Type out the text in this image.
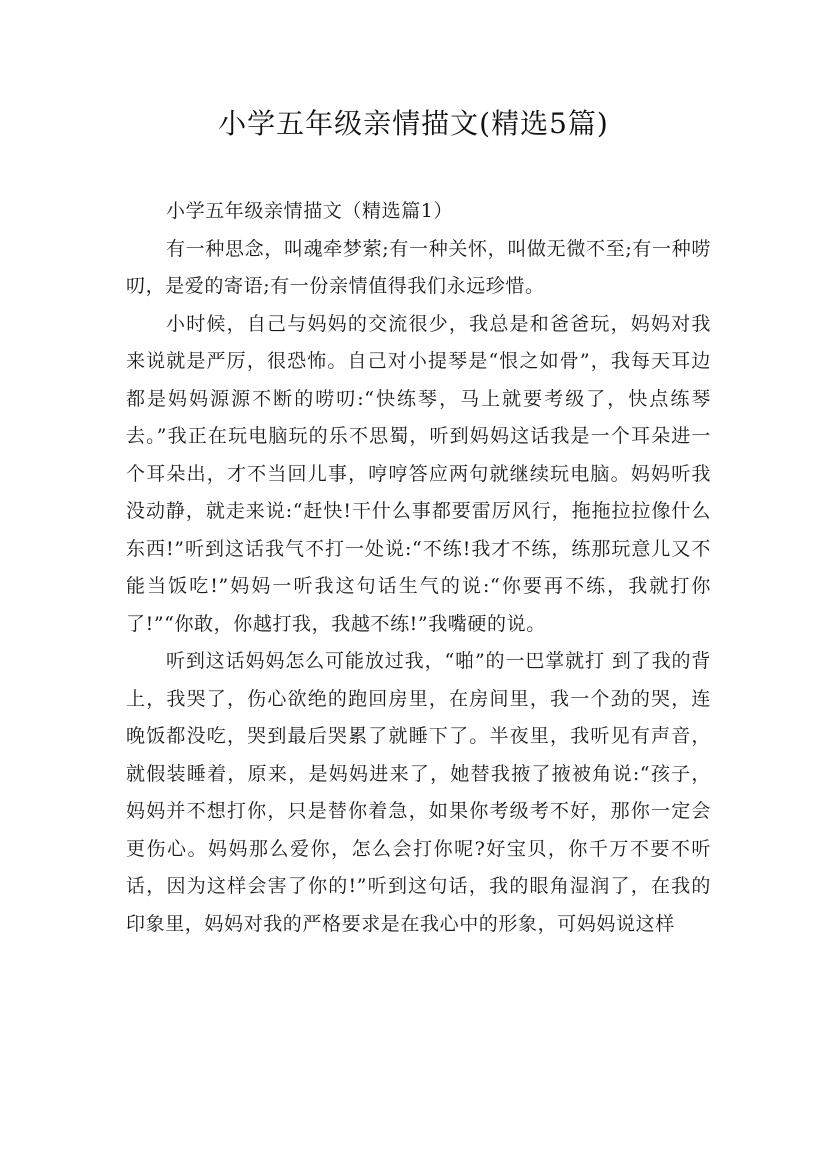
小学五年级亲情描文(精选5篇)
小学五年级亲情描文（精选篇1）

有一种思念，叫魂牵梦萦;有一种关怀，叫做无微不至;有一种唠叨，是爱的寄语;有一份亲情值得我们永远珍惜。

小时候，自己与妈妈的交流很少，我总是和爸爸玩，妈妈对我来说就是严厉，很恐怖。自己对小提琴是“恨之如骨”，我每天耳边都是妈妈源源不断的唠叨:“快练琴，马上就要考级了，快点练琴去。”我正在玩电脑玩的乐不思蜀，听到妈妈这话我是一个耳朵进一个耳朵出，才不当回儿事，哼哼答应两句就继续玩电脑。妈妈听我没动静，就走来说:“赶快!干什么事都要雷厉风行，拖拖拉拉像什么东西!”听到这话我气不打一处说:“不练!我才不练，练那玩意儿又不能当饭吃!”妈妈一听我这句话生气的说:“你要再不练，我就打你了!”“你敢，你越打我，我越不练!”我嘴硬的说。

听到这话妈妈怎么可能放过我，“啪”的一巴掌就打 到了我的背上，我哭了，伤心欲绝的跑回房里，在房间里，我一个劲的哭，连晚饭都没吃，哭到最后哭累了就睡下了。半夜里，我听见有声音，就假装睡着，原来，是妈妈进来了，她替我掖了掖被角说:“孩子，妈妈并不想打你，只是替你着急，如果你考级考不好，那你一定会更伤心。妈妈那么爱你，怎么会打你呢?好宝贝，你千万不要不听话，因为这样会害了你的!”听到这句话，我的眼角湿润了，在我的印象里，妈妈对我的严格要求是在我心中的形象，可妈妈说这样
